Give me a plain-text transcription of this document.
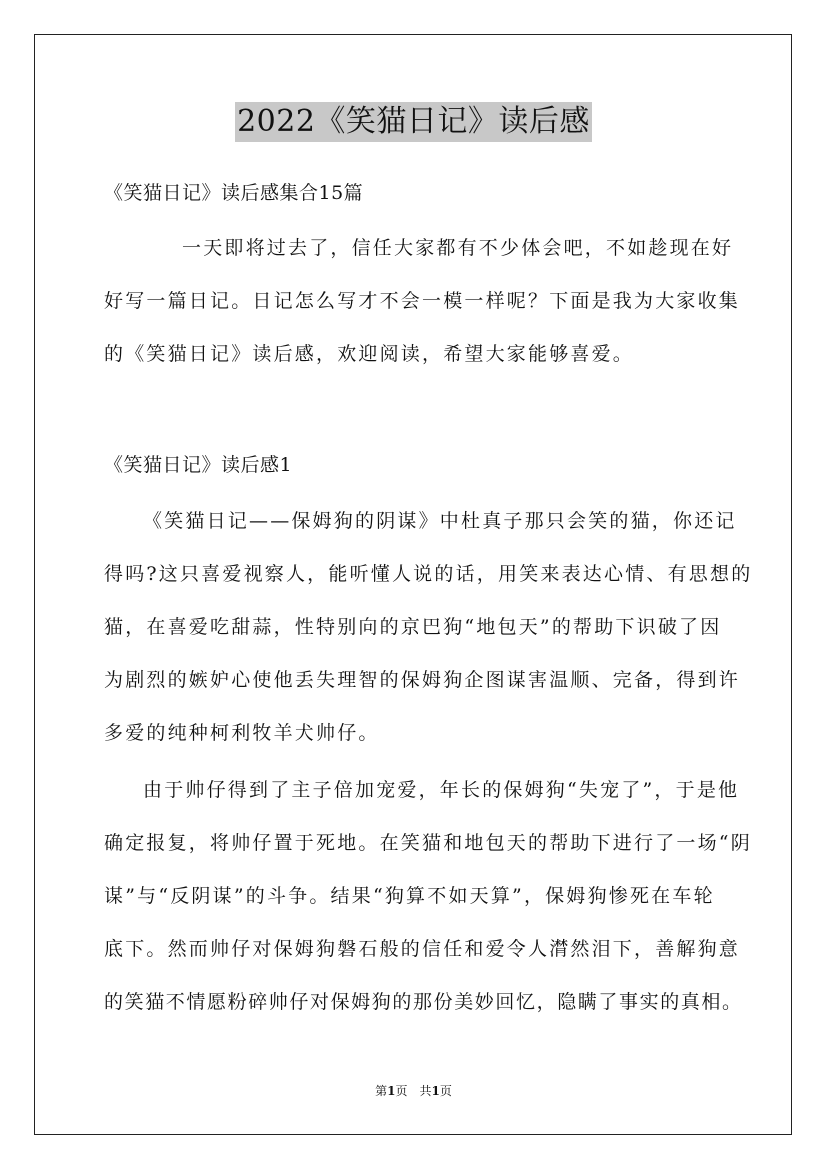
2022《笑猫日记》读后感
《笑猫日记》读后感集合15篇
一天即将过去了，信任大家都有不少体会吧，不如趁现在好
好写一篇日记。日记怎么写才不会一模一样呢？下面是我为大家收集
的《笑猫日记》读后感，欢迎阅读，希望大家能够喜爱。
《笑猫日记》读后感1
《笑猫日记——保姆狗的阴谋》中杜真子那只会笑的猫，你还记
得吗?这只喜爱视察人，能听懂人说的话，用笑来表达心情、有思想的
猫，在喜爱吃甜蒜，性特别向的京巴狗“地包天”的帮助下识破了因
为剧烈的嫉妒心使他丢失理智的保姆狗企图谋害温顺、完备，得到许
多爱的纯种柯利牧羊犬帅仔。
由于帅仔得到了主子倍加宠爱，年长的保姆狗“失宠了”，于是他
确定报复，将帅仔置于死地。在笑猫和地包天的帮助下进行了一场“阴
谋”与“反阴谋”的斗争。结果“狗算不如天算”，保姆狗惨死在车轮
底下。然而帅仔对保姆狗磐石般的信任和爱令人潸然泪下，善解狗意
的笑猫不情愿粉碎帅仔对保姆狗的那份美妙回忆，隐瞒了事实的真相。
第1页　共1页
